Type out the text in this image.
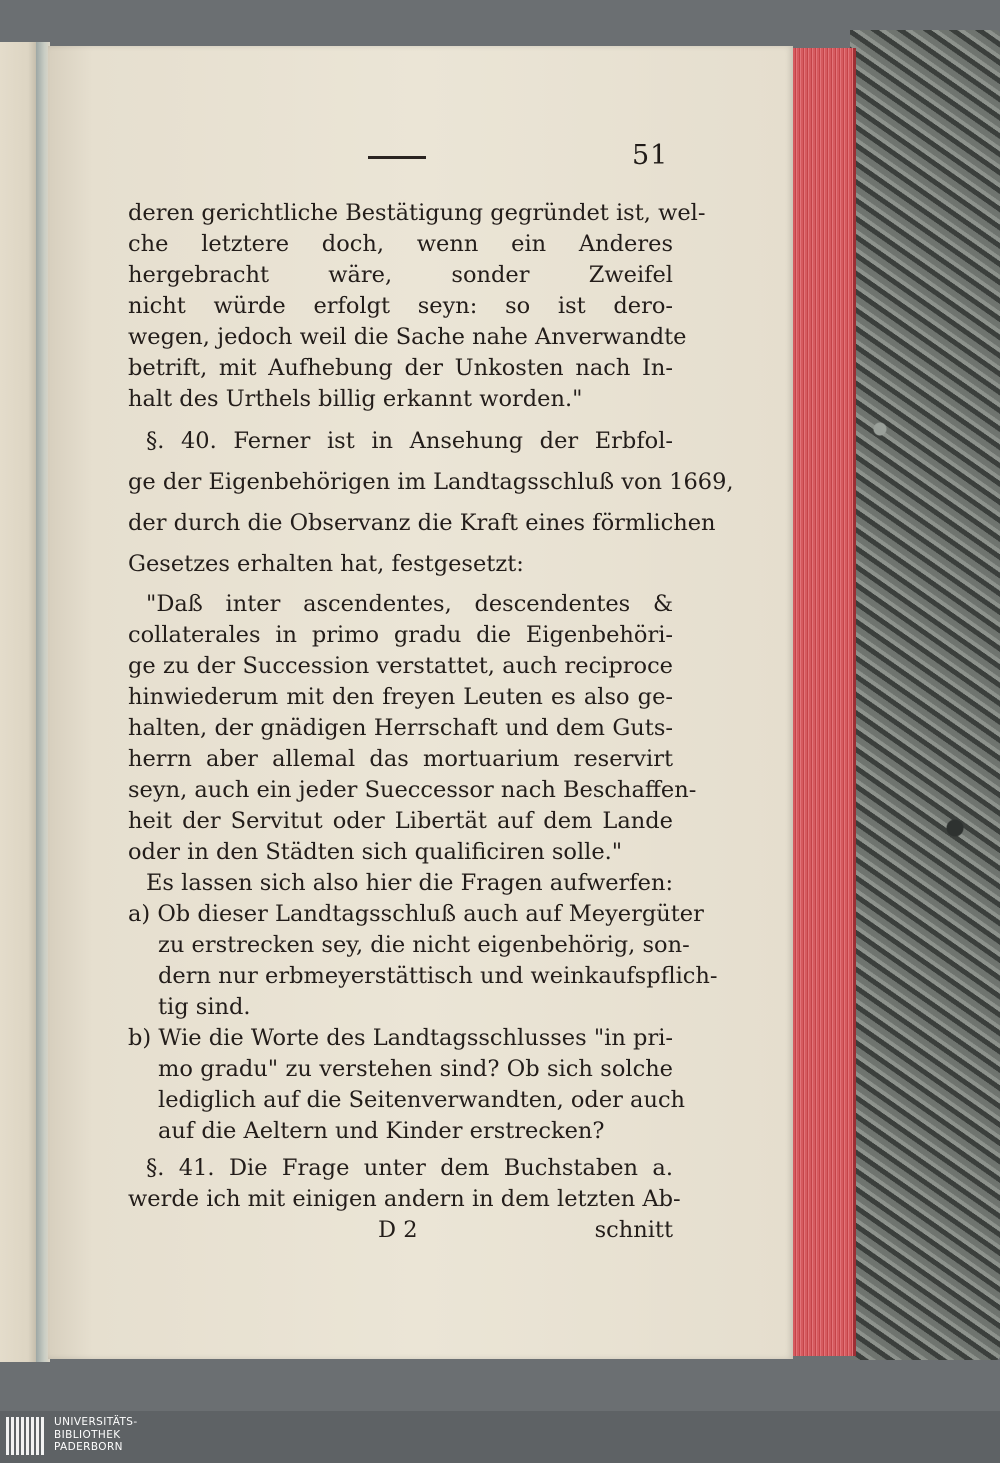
51
deren gerichtliche Bestätigung gegründet ist, wel-
che letztere doch, wenn ein Anderes
hergebracht wäre, sonder Zweifel
nicht würde erfolgt seyn: so ist dero-
wegen, jedoch weil die Sache nahe Anverwandte
betrift, mit Aufhebung der Unkosten nach In-
halt des Urthels billig erkannt worden."
§. 40. Ferner ist in Ansehung der Erbfol-
ge der Eigenbehörigen im Landtagsschluß von 1669,
der durch die Observanz die Kraft eines förmlichen
Gesetzes erhalten hat, festgesetzt:
"Daß inter ascendentes, descendentes &
collaterales in primo gradu die Eigenbehöri-
ge zu der Succession verstattet, auch reciproce
hinwiederum mit den freyen Leuten es also ge-
halten, der gnädigen Herrschaft und dem Guts-
herrn aber allemal das mortuarium reservirt
seyn, auch ein jeder Sueccessor nach Beschaffen-
heit der Servitut oder Libertät auf dem Lande
oder in den Städten sich qualificiren solle."
Es lassen sich also hier die Fragen aufwerfen:
a) Ob dieser Landtagsschluß auch auf Meyergüter
zu erstrecken sey, die nicht eigenbehörig, son-
dern nur erbmeyerstättisch und weinkaufspflich-
tig sind.
b) Wie die Worte des Landtagsschlusses "in pri-
mo gradu" zu verstehen sind? Ob sich solche
lediglich auf die Seitenverwandten, oder auch
auf die Aeltern und Kinder erstrecken?
§. 41. Die Frage unter dem Buchstaben a.
werde ich mit einigen andern in dem letzten Ab-
D 2	schnitt
UNIVERSITÄTS-
BIBLIOTHEK
PADERBORN
